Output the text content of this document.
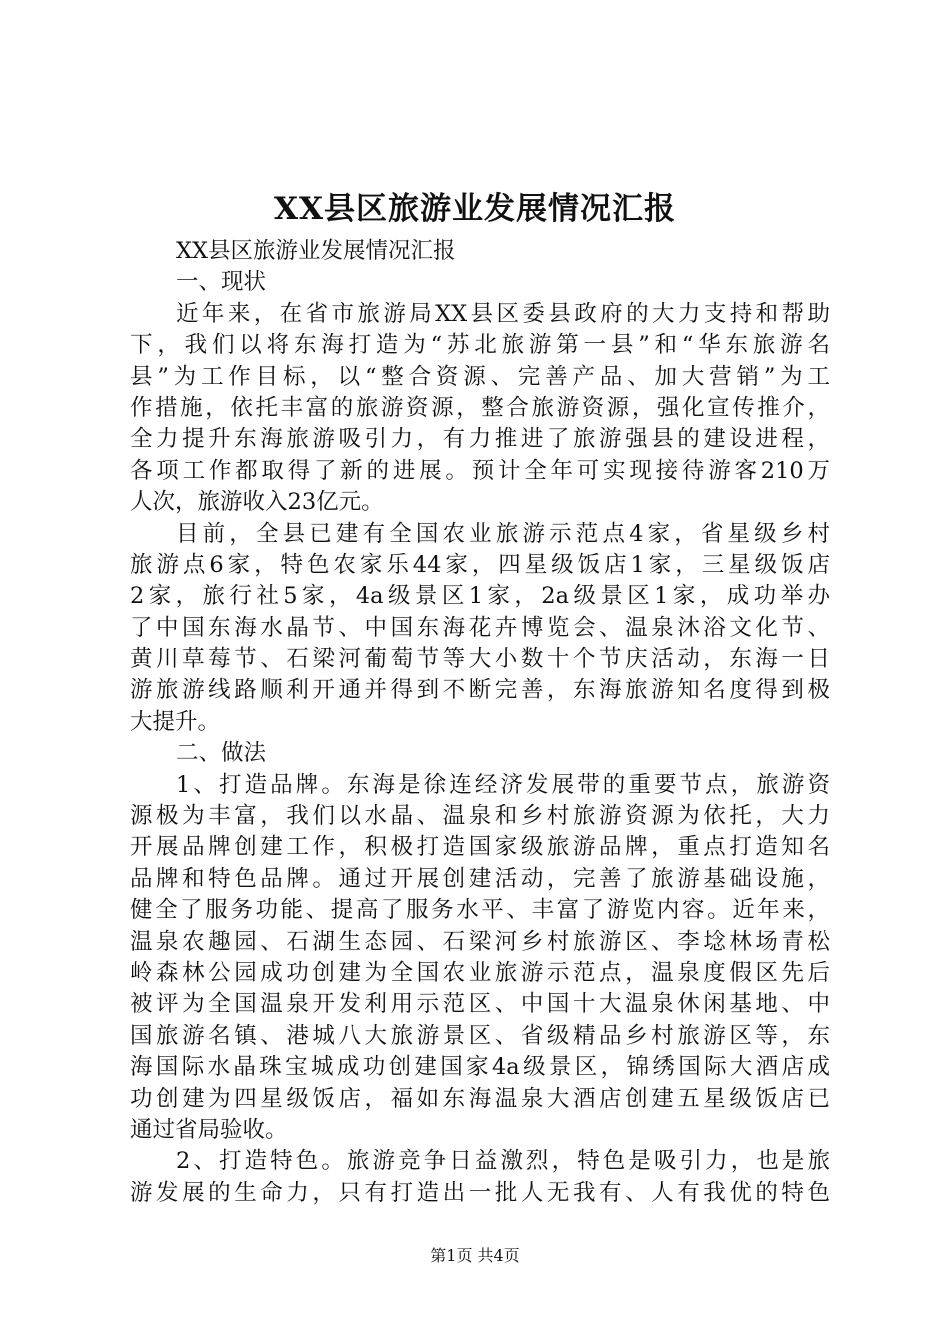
XX县区旅游业发展情况汇报
XX县区旅游业发展情况汇报
一、现状
近年来，在省市旅游局XX县区委县政府的大力支持和帮助
下，我们以将东海打造为“苏北旅游第一县”和“华东旅游名
县”为工作目标，以“整合资源、完善产品、加大营销”为工
作措施，依托丰富的旅游资源，整合旅游资源，强化宣传推介，
全力提升东海旅游吸引力，有力推进了旅游强县的建设进程，
各项工作都取得了新的进展。预计全年可实现接待游客210万
人次，旅游收入23亿元。
目前，全县已建有全国农业旅游示范点4家，省星级乡村
旅游点6家，特色农家乐44家，四星级饭店1家，三星级饭店
2家，旅行社5家，4a级景区1家，2a级景区1家，成功举办
了中国东海水晶节、中国东海花卉博览会、温泉沐浴文化节、
黄川草莓节、石梁河葡萄节等大小数十个节庆活动，东海一日
游旅游线路顺利开通并得到不断完善，东海旅游知名度得到极
大提升。
二、做法
1、打造品牌。东海是徐连经济发展带的重要节点，旅游资
源极为丰富，我们以水晶、温泉和乡村旅游资源为依托，大力
开展品牌创建工作，积极打造国家级旅游品牌，重点打造知名
品牌和特色品牌。通过开展创建活动，完善了旅游基础设施，
健全了服务功能、提高了服务水平、丰富了游览内容。近年来，
温泉农趣园、石湖生态园、石梁河乡村旅游区、李埝林场青松
岭森林公园成功创建为全国农业旅游示范点，温泉度假区先后
被评为全国温泉开发利用示范区、中国十大温泉休闲基地、中
国旅游名镇、港城八大旅游景区、省级精品乡村旅游区等，东
海国际水晶珠宝城成功创建国家4a级景区，锦绣国际大酒店成
功创建为四星级饭店，福如东海温泉大酒店创建五星级饭店已
通过省局验收。
2、打造特色。旅游竞争日益激烈，特色是吸引力，也是旅
游发展的生命力，只有打造出一批人无我有、人有我优的特色
第1页 共4页
